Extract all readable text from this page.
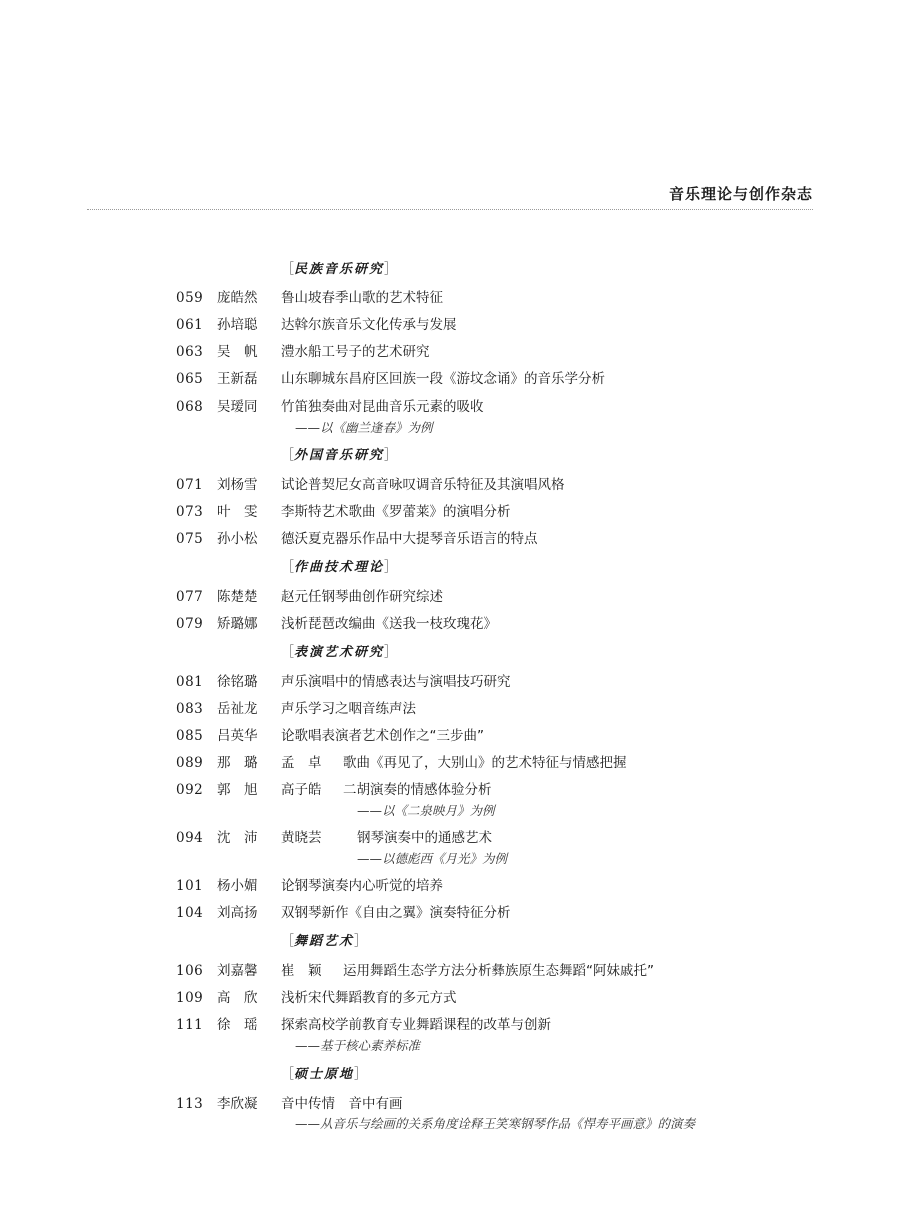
音乐理论与创作杂志
［民族音乐研究］
059 庞皓然 鲁山坡春季山歌的艺术特征
061 孙培聪 达斡尔族音乐文化传承与发展
063 吴　帆 澧水船工号子的艺术研究
065 王新磊 山东聊城东昌府区回族一段《游坟念诵》的音乐学分析
068 吴瑷同 竹笛独奏曲对昆曲音乐元素的吸收
——以《幽兰逢春》为例
［外国音乐研究］
071 刘杨雪 试论普契尼女高音咏叹调音乐特征及其演唱风格
073 叶　雯 李斯特艺术歌曲《罗蕾莱》的演唱分析
075 孙小松 德沃夏克器乐作品中大提琴音乐语言的特点
［作曲技术理论］
077 陈楚楚 赵元任钢琴曲创作研究综述
079 矫璐娜 浅析琵琶改编曲《送我一枝玫瑰花》
［表演艺术研究］
081 徐铭璐 声乐演唱中的情感表达与演唱技巧研究
083 岳祉龙 声乐学习之咽音练声法
085 吕英华 论歌唱表演者艺术创作之“三步曲”
089 那　璐 孟　卓 歌曲《再见了，大别山》的艺术特征与情感把握
092 郭　旭 高子皓 二胡演奏的情感体验分析
——以《二泉映月》为例
094 沈　沛 黄晓芸	钢琴演奏中的通感艺术
——以德彪西《月光》为例
101 杨小媚 论钢琴演奏内心听觉的培养
104 刘高扬 双钢琴新作《自由之翼》演奏特征分析
［舞蹈艺术］
106 刘嘉馨 崔　颖 运用舞蹈生态学方法分析彝族原生态舞蹈“阿妹戚托”
109 高　欣 浅析宋代舞蹈教育的多元方式
111 徐　瑶 探索高校学前教育专业舞蹈课程的改革与创新
——基于核心素养标准
［硕士原地］
113 李欣凝 音中传情　音中有画
——从音乐与绘画的关系角度诠释王笑寒钢琴作品《悍寿平画意》的演奏
